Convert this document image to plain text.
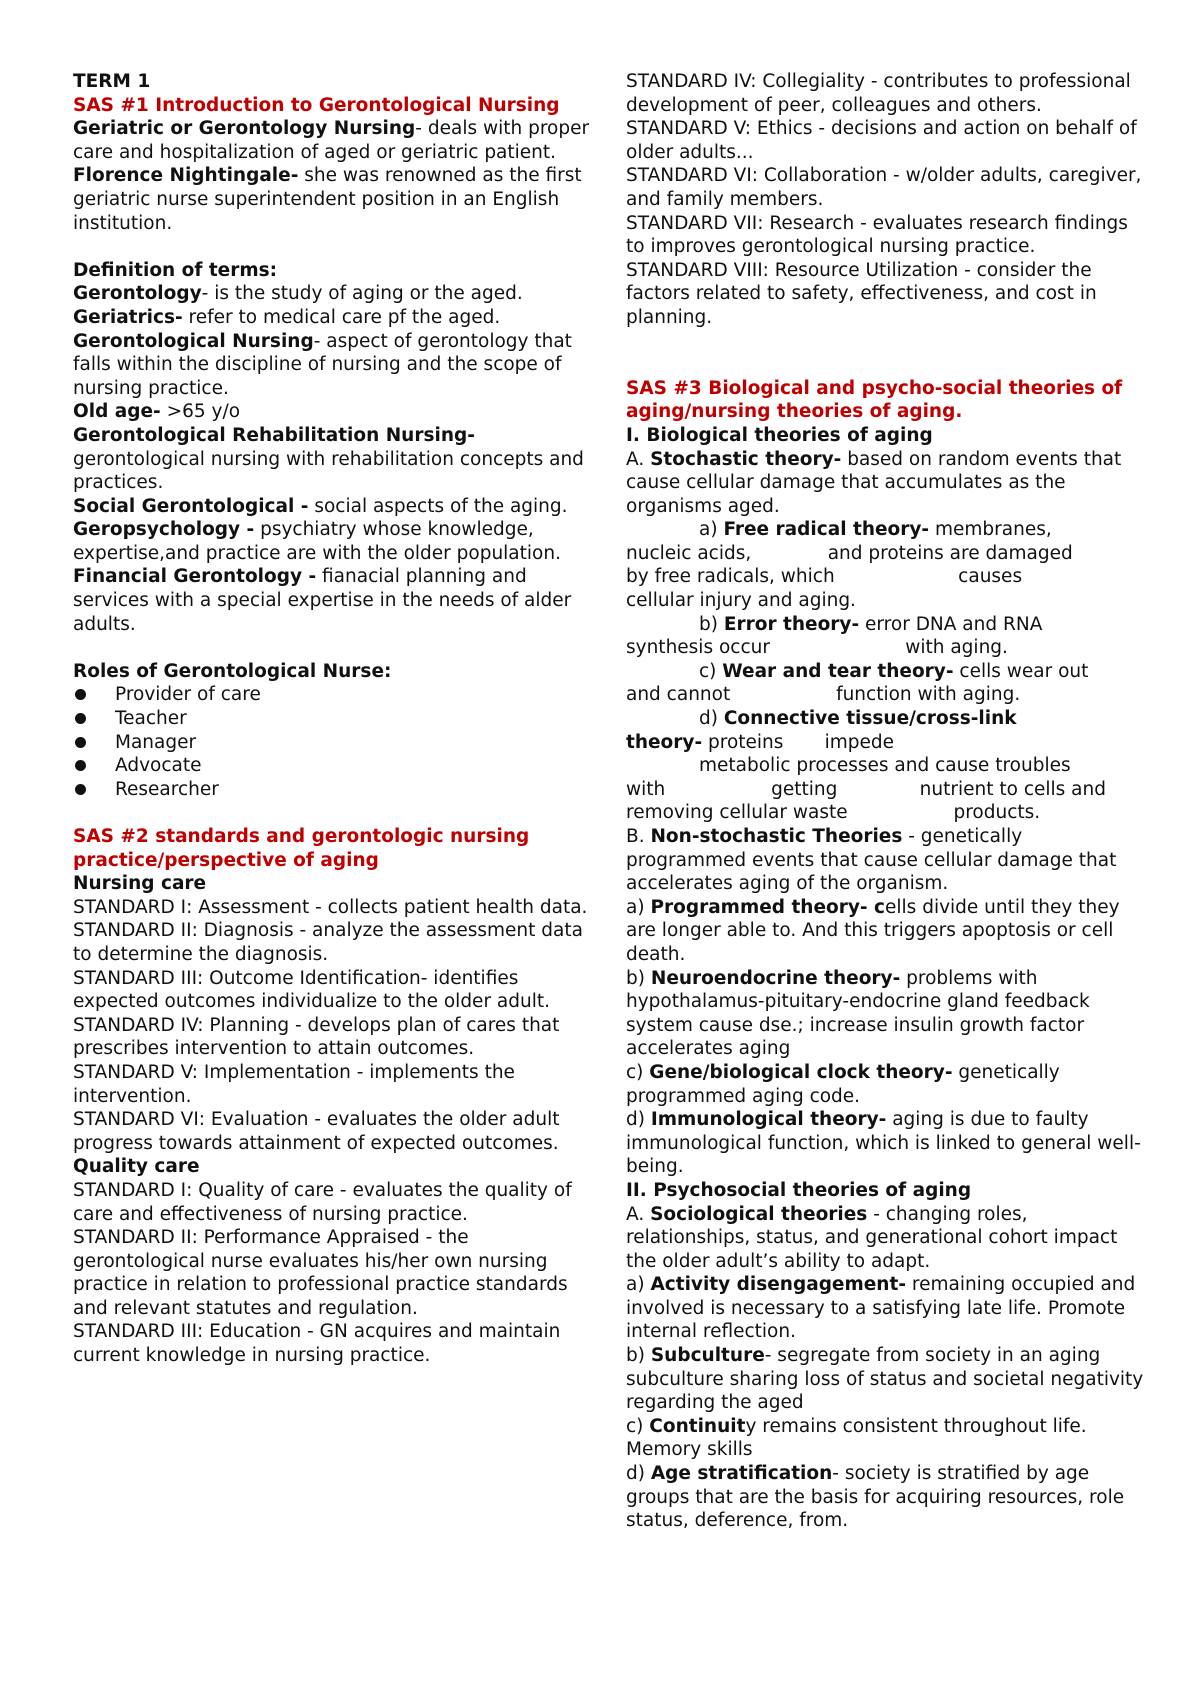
TERM 1

SAS #1 Introduction to Gerontological Nursing

Geriatric or Gerontology Nursing- deals with proper care and hospitalization of aged or geriatric patient.

Florence Nightingale- she was renowned as the first geriatric nurse superintendent position in an English institution.

Definition of terms:

Gerontology- is the study of aging or the aged.

Geriatrics- refer to medical care pf the aged.

Gerontological Nursing- aspect of gerontology that falls within the discipline of nursing and the scope of nursing practice.

Old age- >65 y/o

Gerontological Rehabilitation Nursing- gerontological nursing with rehabilitation concepts and practices.

Social Gerontological - social aspects of the aging.

Geropsychology - psychiatry whose knowledge, expertise,and practice are with the older population.

Financial Gerontology - fianacial planning and services with a special expertise in the needs of alder adults.

Roles of Gerontological Nurse:

Provider of care
Teacher
Manager
Advocate
Researcher

SAS #2 standards and gerontologic nursing practice/perspective of aging

Nursing care

STANDARD I: Assessment - collects patient health data.

STANDARD II: Diagnosis - analyze the assessment data to determine the diagnosis.

STANDARD III: Outcome Identification- identifies expected outcomes individualize to the older adult.

STANDARD IV: Planning - develops plan of cares that prescribes intervention to attain outcomes.

STANDARD V: Implementation - implements the intervention.

STANDARD VI: Evaluation - evaluates the older adult progress towards attainment of expected outcomes.

Quality care

STANDARD I: Quality of care - evaluates the quality of care and effectiveness of nursing practice.

STANDARD II: Performance Appraised - the gerontological nurse evaluates his/her own nursing practice in relation to professional practice standards and relevant statutes and regulation.

STANDARD III: Education - GN acquires and maintain current knowledge in nursing practice.

STANDARD IV: Collegiality - contributes to professional development of peer, colleagues and others.

STANDARD V: Ethics - decisions and action on behalf of older adults...

STANDARD VI: Collaboration - w/older adults, caregiver, and family members.

STANDARD VII: Research - evaluates research findings to improves gerontological nursing practice.

STANDARD VIII: Resource Utilization - consider the factors related to safety, effectiveness, and cost in planning.

SAS #3 Biological and psycho-social theories of aging/nursing theories of aging.

I. Biological theories of aging

A. Stochastic theory- based on random events that cause cellular damage that accumulates as the organisms aged.

a) Free radical theory- membranes,

nucleic acids,             and proteins are damaged

by free radicals, which                     causes

cellular injury and aging.

b) Error theory- error DNA and RNA

synthesis occur                       with aging.

c) Wear and tear theory- cells wear out

and cannot                  function with aging.

d) Connective tissue/cross-link

theory- proteins       impede

metabolic processes and cause troubles

with                  getting              nutrient to cells and

removing cellular waste                  products.

B. Non-stochastic Theories - genetically programmed events that cause cellular damage that accelerates aging of the organism.

a) Programmed theory- cells divide until they they are longer able to. And this triggers apoptosis or cell death.

b) Neuroendocrine theory- problems with hypothalamus-pituitary-endocrine gland feedback system cause dse.; increase insulin growth factor accelerates aging

c) Gene/biological clock theory- genetically programmed aging code.

d) Immunological theory- aging is due to faulty immunological function, which is linked to general well-being.

II. Psychosocial theories of aging

A. Sociological theories - changing roles, relationships, status, and generational cohort impact the older adult’s ability to adapt.

a) Activity disengagement- remaining occupied and involved is necessary to a satisfying late life. Promote internal reflection.

b) Subculture- segregate from society in an aging subculture sharing loss of status and societal negativity regarding the aged

c) Continuity remains consistent throughout life. Memory skills

d) Age stratification- society is stratified by age groups that are the basis for acquiring resources, role status, deference, from.
